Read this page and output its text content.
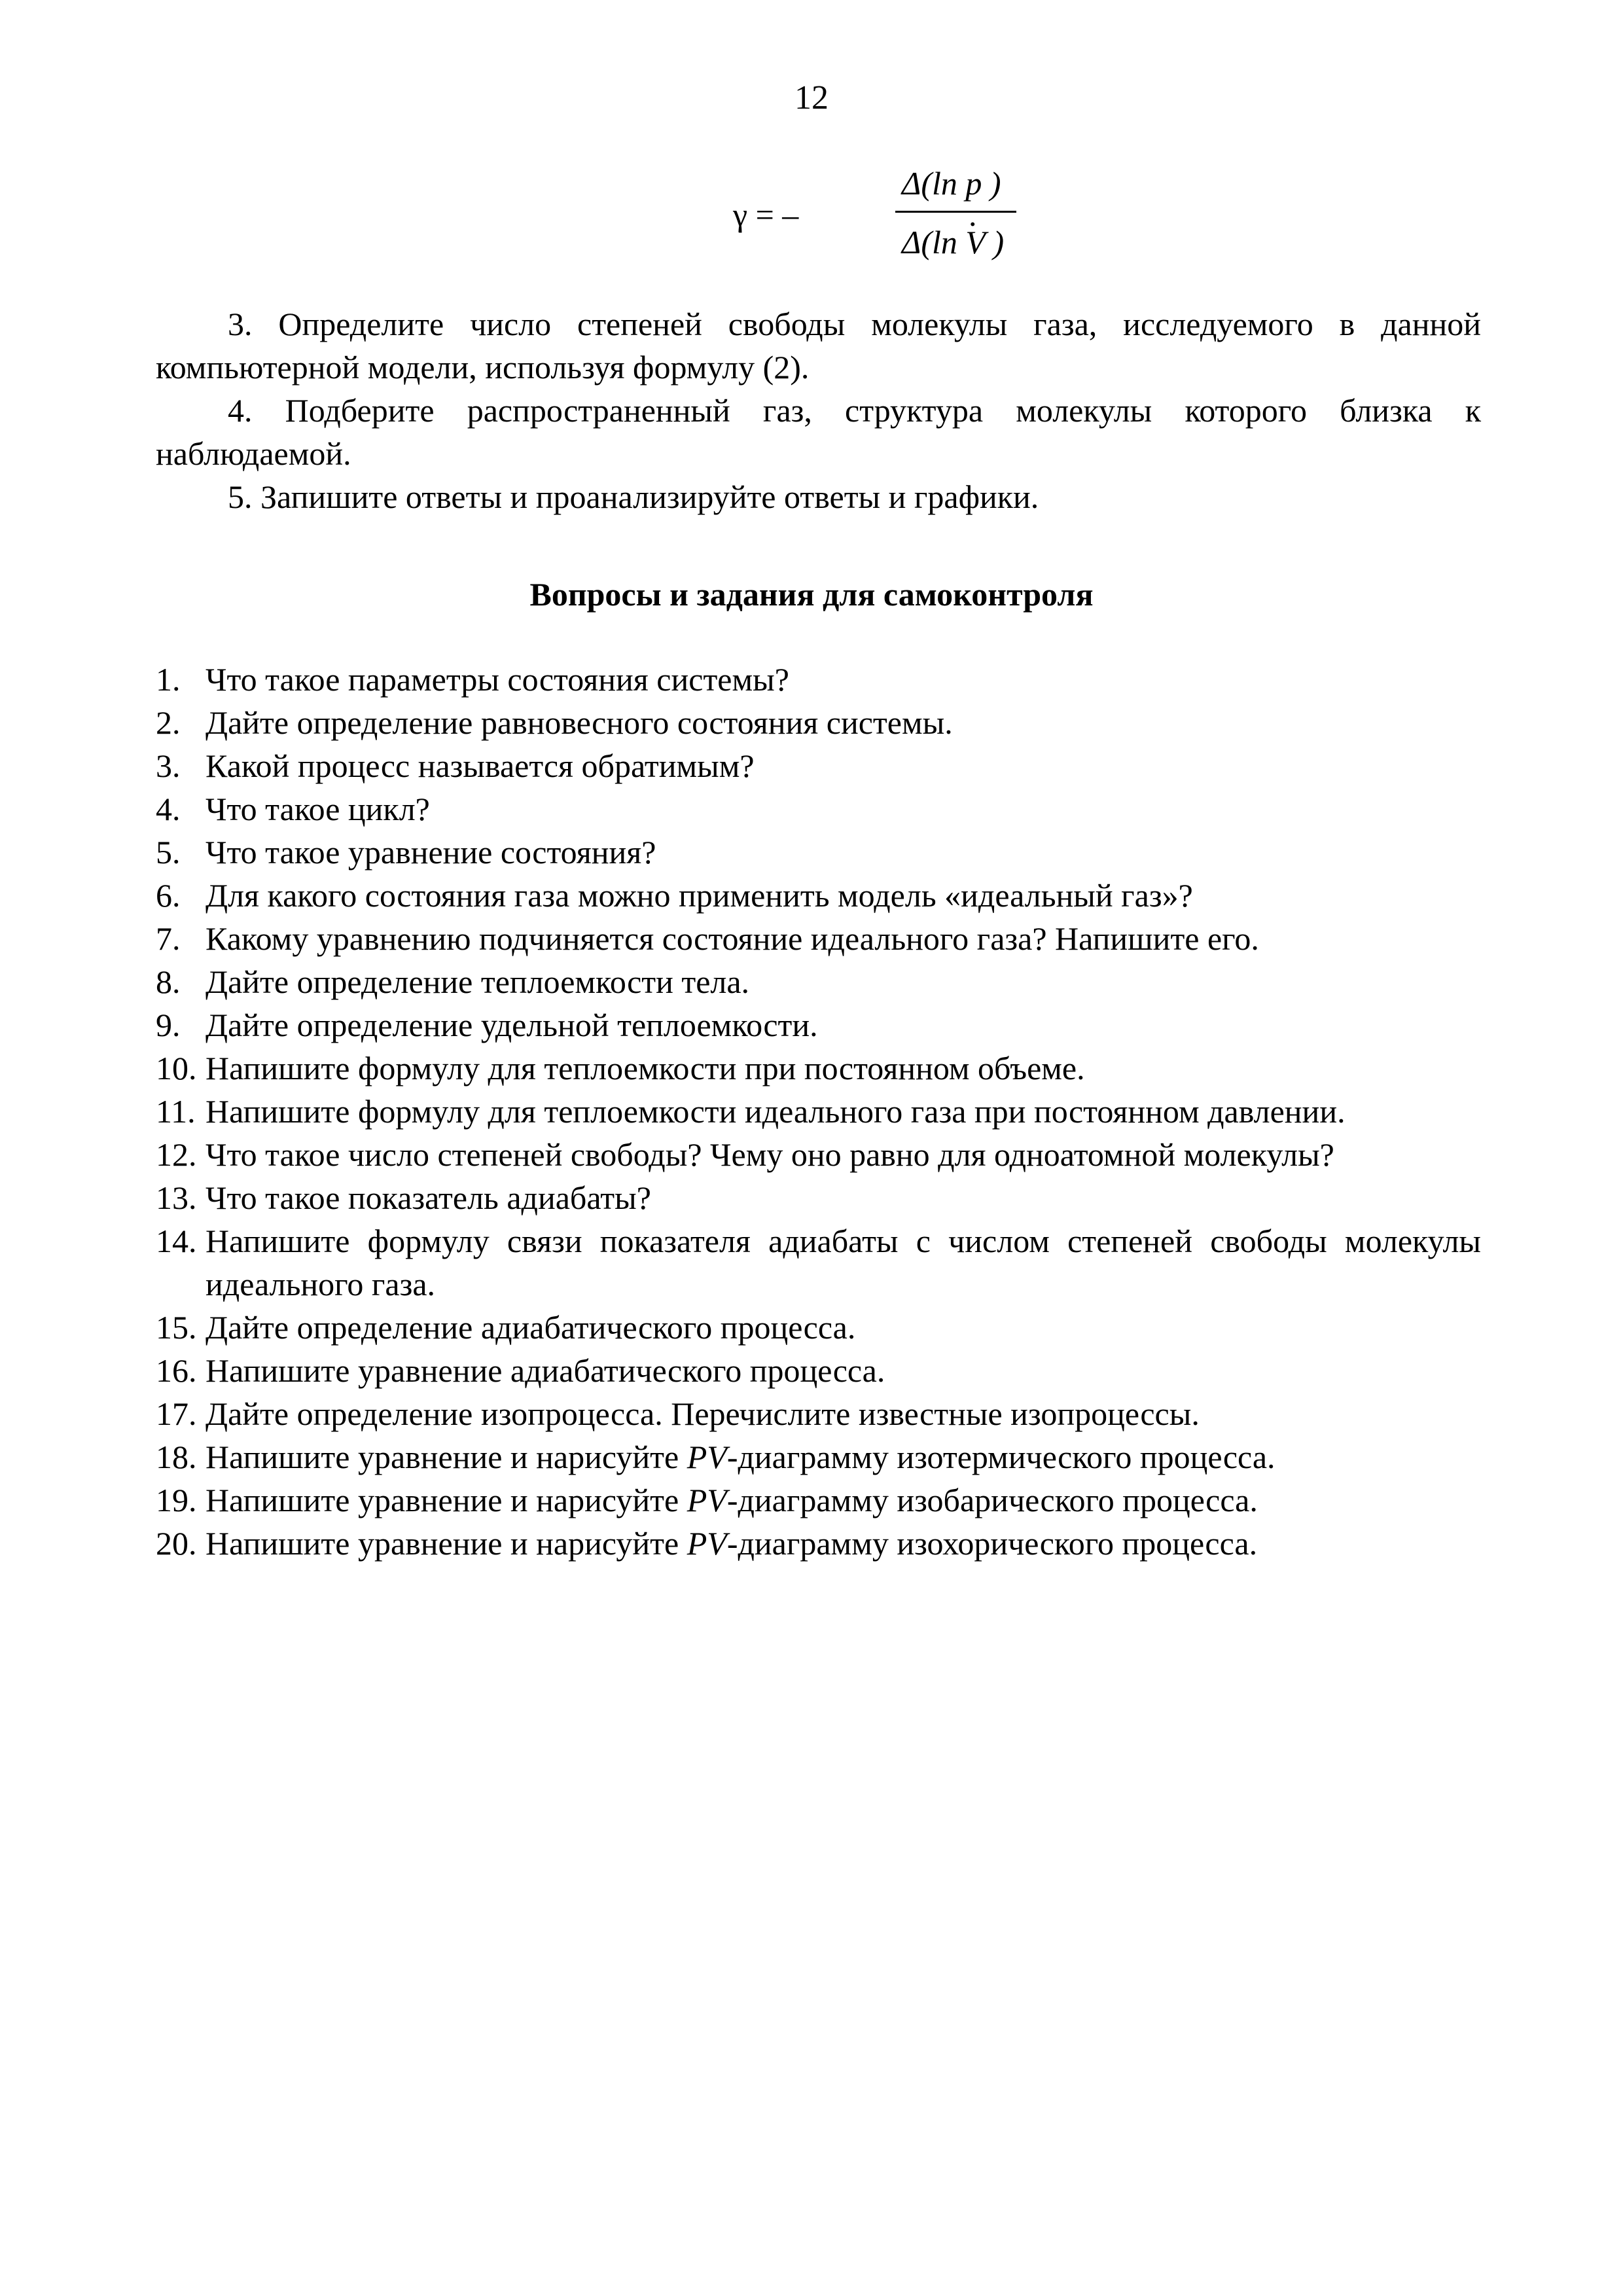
12
γ = –
Δ(ln p )
Δ(ln V )
.

3. Определите число степеней свободы молекулы газа, исследуемого в данной компьютерной модели, используя формулу (2).

4. Подберите распространенный газ, структура молекулы которого близка к наблюдаемой.

5. Запишите ответы и проанализируйте ответы и графики.

Вопросы и задания для самоконтроля
1. Что такое параметры состояния системы?
2. Дайте определение равновесного состояния системы.
3. Какой процесс называется обратимым?
4. Что такое цикл?
5. Что такое уравнение состояния?
6. Для какого состояния газа можно применить модель «идеальный газ»?
7. Какому уравнению подчиняется состояние идеального газа? Напишите его.
8. Дайте определение теплоемкости тела.
9. Дайте определение удельной теплоемкости.
10. Напишите формулу для теплоемкости при постоянном объеме.
11. Напишите формулу для теплоемкости идеального газа при постоянном давлении.
12. Что такое число степеней свободы? Чему оно равно для одноатомной молекулы?
13. Что такое показатель адиабаты?
14. Напишите формулу связи показателя адиабаты с числом степеней свободы молекулы идеального газа.
15. Дайте определение адиабатического процесса.
16. Напишите уравнение адиабатического процесса.
17. Дайте определение изопроцесса. Перечислите известные изопроцессы.
18. Напишите уравнение и нарисуйте PV-диаграмму изотермического процесса.
19. Напишите уравнение и нарисуйте PV-диаграмму изобарического процесса.
20. Напишите уравнение и нарисуйте PV-диаграмму изохорического процесса.
